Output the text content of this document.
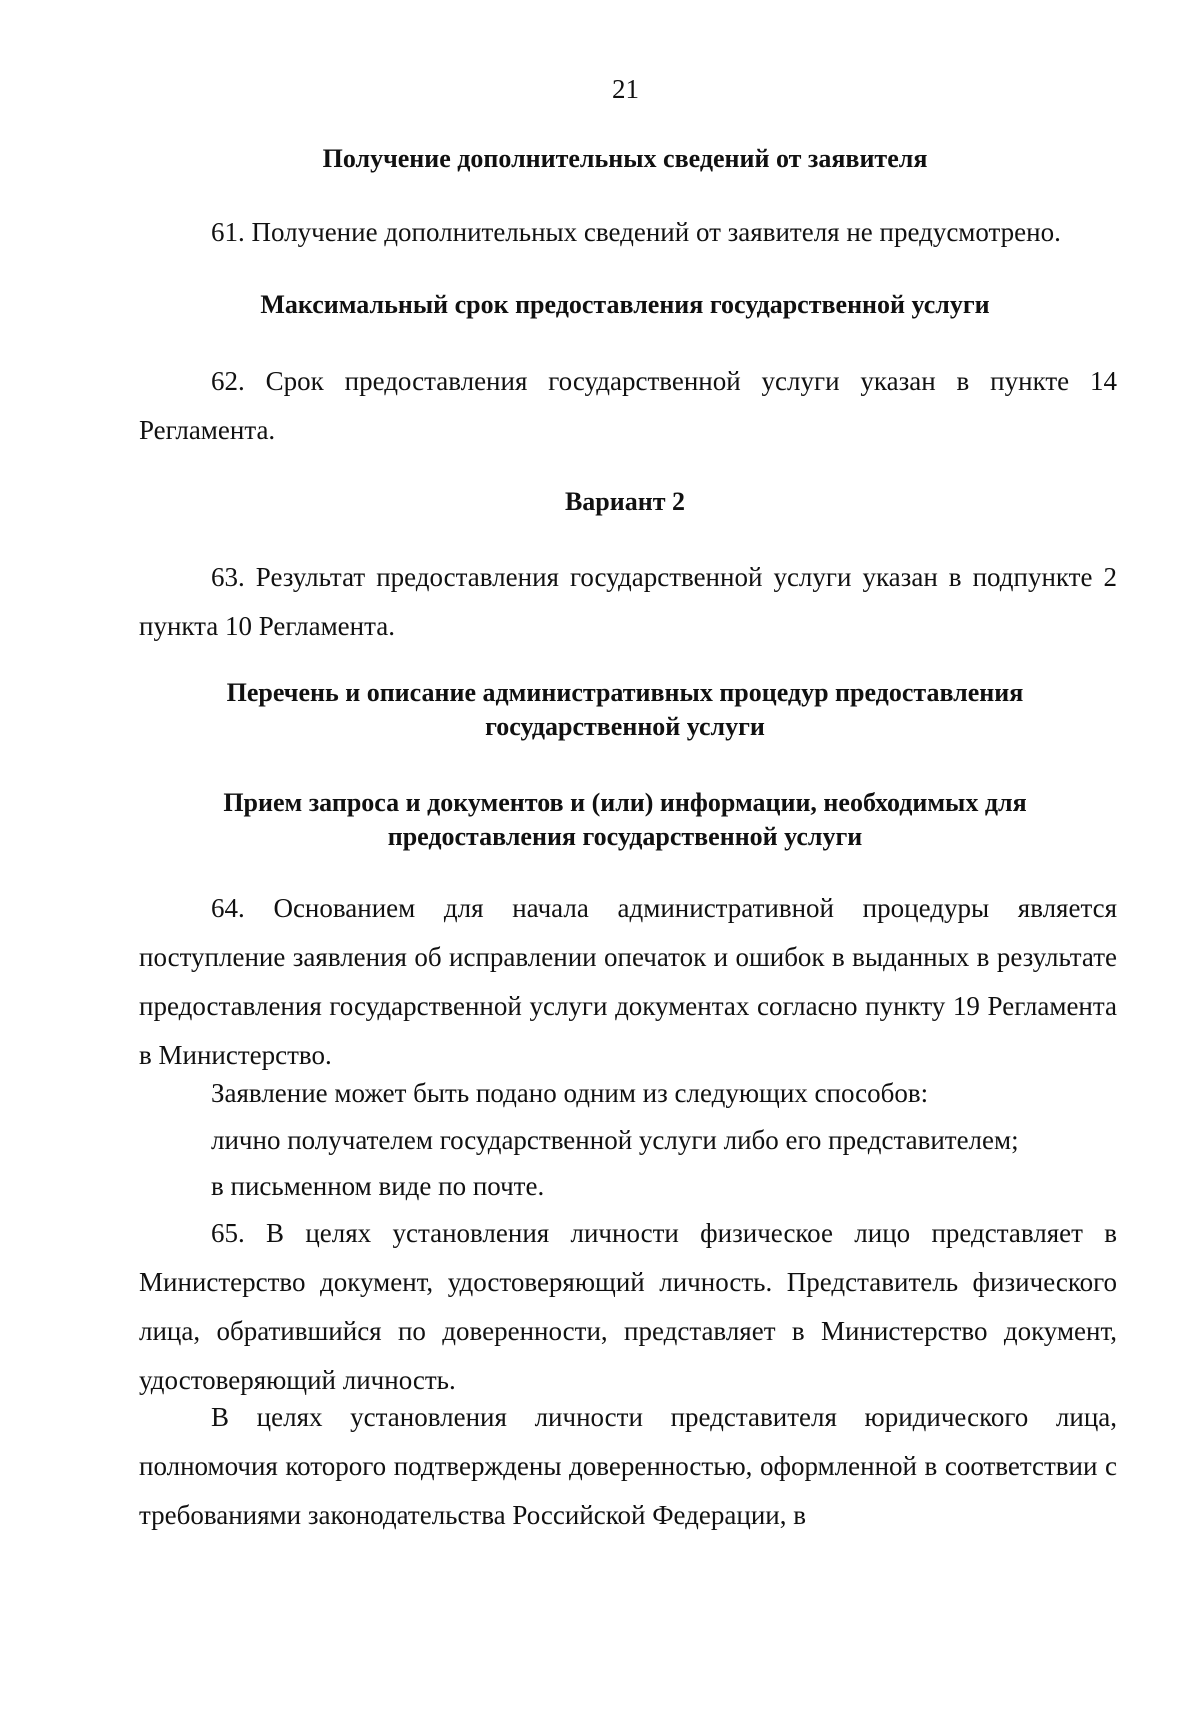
21
Получение дополнительных сведений от заявителя
61. Получение дополнительных сведений от заявителя не предусмотрено.
Максимальный срок предоставления государственной услуги
62. Срок предоставления государственной услуги указан в пункте 14 Регламента.
Вариант 2
63. Результат предоставления государственной услуги указан в подпункте 2 пункта 10 Регламента.
Перечень и описание административных процедур предоставления
государственной услуги
Прием запроса и документов и (или) информации, необходимых для
предоставления государственной услуги
64. Основанием для начала административной процедуры является поступление заявления об исправлении опечаток и ошибок в выданных в результате предоставления государственной услуги документах согласно пункту 19 Регламента в Министерство.
Заявление может быть подано одним из следующих способов:
лично получателем государственной услуги либо его представителем;
в письменном виде по почте.
65. В целях установления личности физическое лицо представляет в Министерство документ, удостоверяющий личность. Представитель физического лица, обратившийся по доверенности, представляет в Министерство документ, удостоверяющий личность.
В целях установления личности представителя юридического лица, полномочия которого подтверждены доверенностью, оформленной в соответствии с требованиями законодательства Российской Федерации, в
